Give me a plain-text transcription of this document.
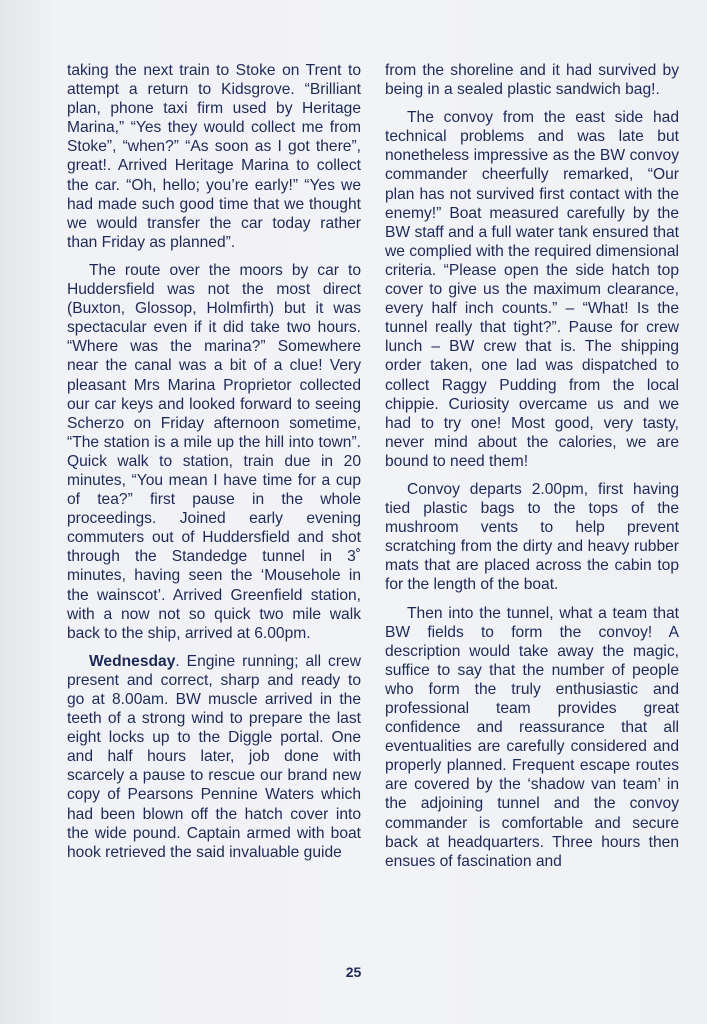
taking the next train to Stoke on Trent to attempt a return to Kidsgrove. “Brilliant plan, phone taxi firm used by Heritage Marina,” “Yes they would collect me from Stoke”, “when?” “As soon as I got there”, great!. Arrived Heritage Marina to collect the car. “Oh, hello; you’re early!” “Yes we had made such good time that we thought we would transfer the car today rather than Friday as planned”.

The route over the moors by car to Huddersfield was not the most direct (Buxton, Glossop, Holmfirth) but it was spectacular even if it did take two hours. “Where was the marina?” Somewhere near the canal was a bit of a clue! Very pleasant Mrs Marina Proprietor collected our car keys and looked forward to seeing Scherzo on Friday afternoon sometime, “The station is a mile up the hill into town”. Quick walk to station, train due in 20 minutes, “You mean I have time for a cup of tea?” first pause in the whole proceedings. Joined early evening commuters out of Huddersfield and shot through the Standedge tunnel in 3˚ minutes, having seen the ‘Mousehole in the wainscot’. Arrived Greenfield station, with a now not so quick two mile walk back to the ship, arrived at 6.00pm.

Wednesday. Engine running; all crew present and correct, sharp and ready to go at 8.00am. BW muscle arrived in the teeth of a strong wind to prepare the last eight locks up to the Diggle portal. One and half hours later, job done with scarcely a pause to rescue our brand new copy of Pearsons Pennine Waters which had been blown off the hatch cover into the wide pound. Captain armed with boat hook retrieved the said invaluable guide

from the shoreline and it had survived by being in a sealed plastic sandwich bag!.

The convoy from the east side had technical problems and was late but nonetheless impressive as the BW convoy commander cheerfully remarked, “Our plan has not survived first contact with the enemy!” Boat measured carefully by the BW staff and a full water tank ensured that we complied with the required dimensional criteria. “Please open the side hatch top cover to give us the maximum clearance, every half inch counts.” – “What! Is the tunnel really that tight?”. Pause for crew lunch – BW crew that is. The shipping order taken, one lad was dispatched to collect Raggy Pudding from the local chippie. Curiosity overcame us and we had to try one! Most good, very tasty, never mind about the calories, we are bound to need them!

Convoy departs 2.00pm, first having tied plastic bags to the tops of the mushroom vents to help prevent scratching from the dirty and heavy rubber mats that are placed across the cabin top for the length of the boat.

Then into the tunnel, what a team that BW fields to form the convoy! A description would take away the magic, suffice to say that the number of people who form the truly enthusiastic and professional team provides great confidence and reassurance that all eventualities are carefully considered and properly planned. Frequent escape routes are covered by the ‘shadow van team’ in the adjoining tunnel and the convoy commander is comfortable and secure back at headquarters. Three hours then ensues of fascination and

25
